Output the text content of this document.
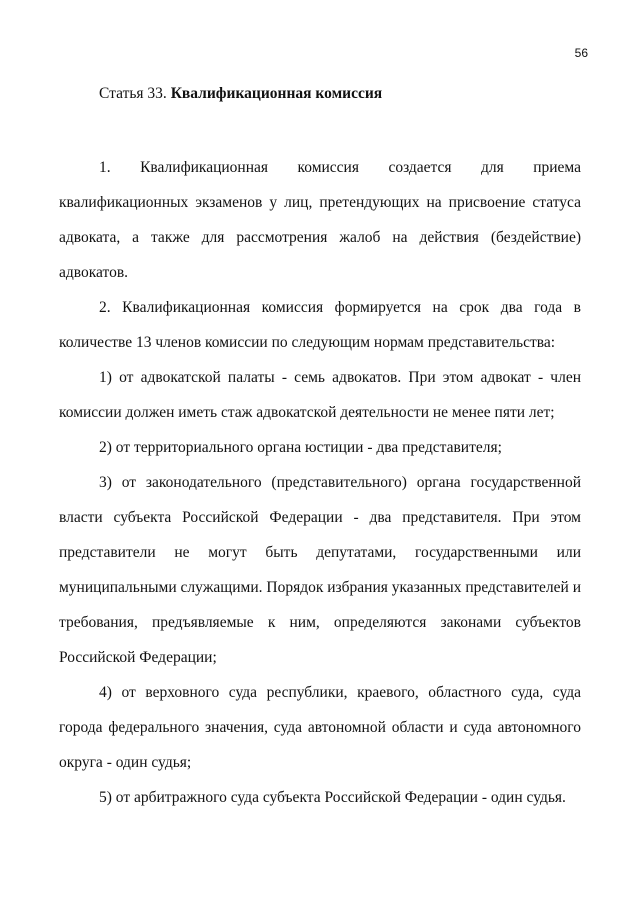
56
Статья 33. Квалификационная комиссия

1. Квалификационная комиссия создается для приема квалификационных экзаменов у лиц, претендующих на присвоение статуса адвоката, а также для рассмотрения жалоб на действия (бездействие) адвокатов.

2. Квалификационная комиссия формируется на срок два года в количестве 13 членов комиссии по следующим нормам представительства:

1) от адвокатской палаты - семь адвокатов. При этом адвокат - член комиссии должен иметь стаж адвокатской деятельности не менее пяти лет;

2) от территориального органа юстиции - два представителя;

3) от законодательного (представительного) органа государственной власти субъекта Российской Федерации - два представителя. При этом представители не могут быть депутатами, государственными или муниципальными служащими. Порядок избрания указанных представителей и требования, предъявляемые к ним, определяются законами субъектов Российской Федерации;

4) от верховного суда республики, краевого, областного суда, суда города федерального значения, суда автономной области и суда автономного округа - один судья;

5) от арбитражного суда субъекта Российской Федерации - один судья.
